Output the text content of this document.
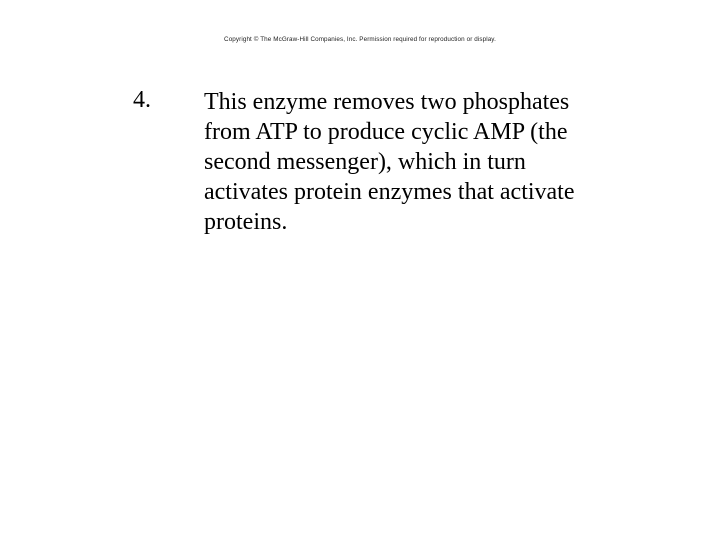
Copyright © The McGraw-Hill Companies, Inc. Permission required for reproduction or display.
4. This enzyme removes two phosphates
from ATP to produce cyclic AMP (the
second messenger), which in turn
activates protein enzymes that activate
proteins.
